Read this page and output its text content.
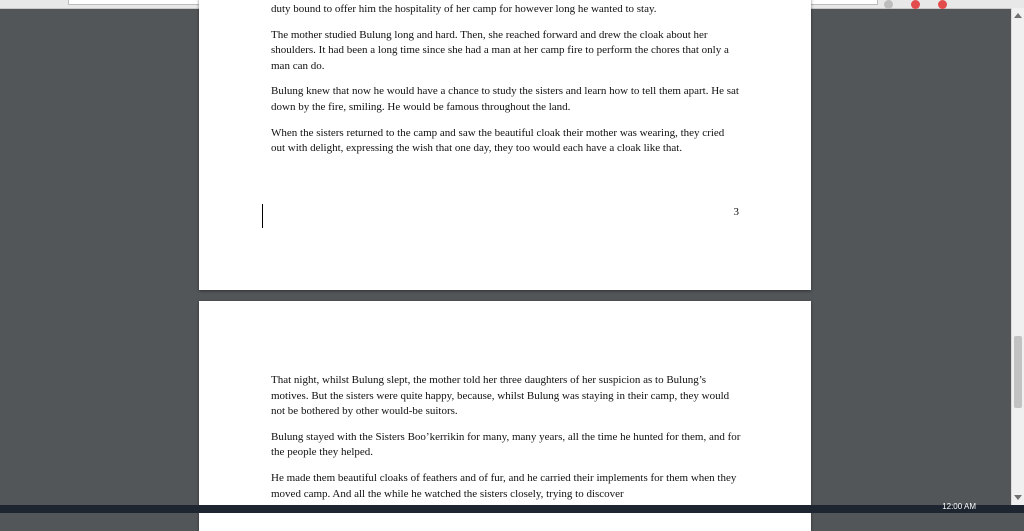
duty bound to offer him the hospitality of her camp for however long he wanted to stay.

The mother studied Bulung long and hard. Then, she reached forward and drew the cloak about her shoulders. It had been a long time since she had a man at her camp fire to perform the chores that only a man can do.

Bulung knew that now he would have a chance to study the sisters and learn how to tell them apart. He sat down by the fire, smiling. He would be famous throughout the land.

When the sisters returned to the camp and saw the beautiful cloak their mother was wearing, they cried out with delight, expressing the wish that one day, they too would each have a cloak like that.

3

That night, whilst Bulung slept, the mother told her three daughters of her suspicion as to Bulung’s motives. But the sisters were quite happy, because, whilst Bulung was staying in their camp, they would not be bothered by other would-be suitors.

Bulung stayed with the Sisters Boo’kerrikin for many, many years, all the time he hunted for them, and for the people they helped.

He made them beautiful cloaks of feathers and of fur, and he carried their implements for them when they moved camp. And all the while he watched the sisters closely, trying to discover

12:00 AM
